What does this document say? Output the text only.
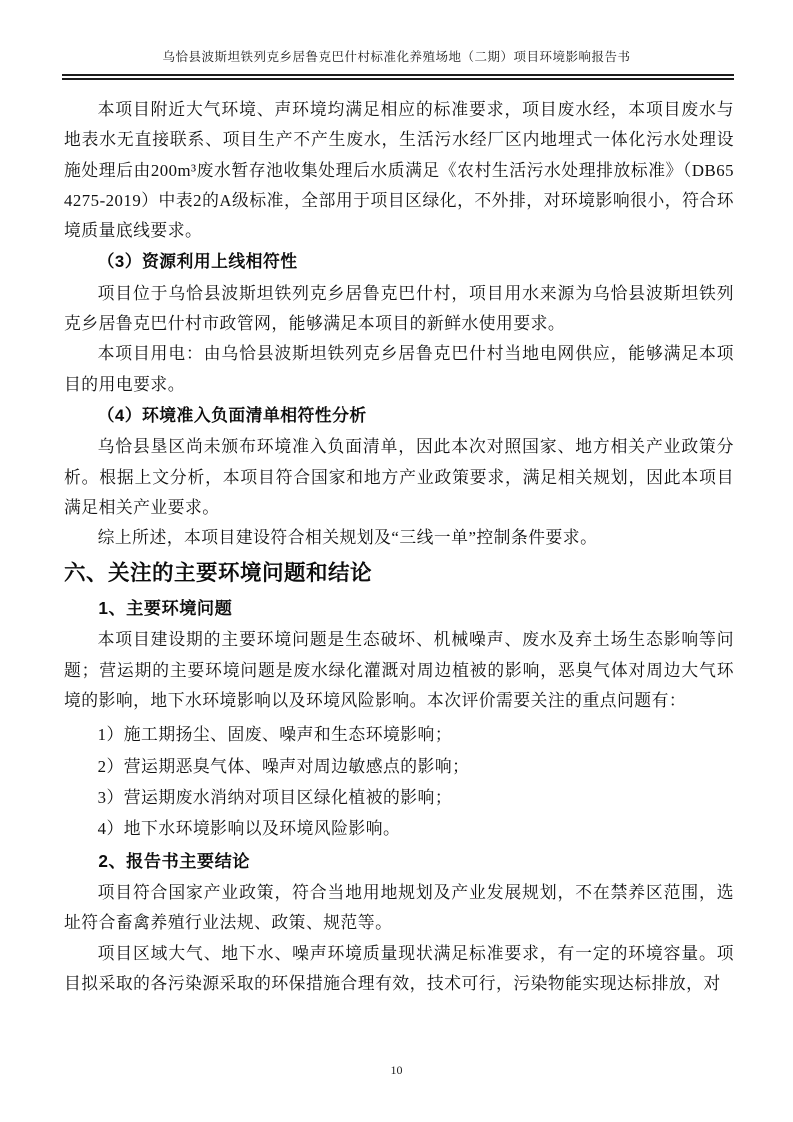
乌恰县波斯坦铁列克乡居鲁克巴什村标准化养殖场地（二期）项目环境影响报告书

本项目附近大气环境、声环境均满足相应的标准要求，项目废水经，本项目废水与地表水无直接联系、项目生产不产生废水，生活污水经厂区内地埋式一体化污水处理设施处理后由200m³废水暂存池收集处理后水质满足《农村生活污水处理排放标准》（DB65 4275-2019）中表2的A级标准，全部用于项目区绿化，不外排，对环境影响很小，符合环境质量底线要求。

（3）资源利用上线相符性

项目位于乌恰县波斯坦铁列克乡居鲁克巴什村，项目用水来源为乌恰县波斯坦铁列克乡居鲁克巴什村市政管网，能够满足本项目的新鲜水使用要求。

本项目用电：由乌恰县波斯坦铁列克乡居鲁克巴什村当地电网供应，能够满足本项目的用电要求。

（4）环境准入负面清单相符性分析

乌恰县垦区尚未颁布环境准入负面清单，因此本次对照国家、地方相关产业政策分析。根据上文分析，本项目符合国家和地方产业政策要求，满足相关规划，因此本项目满足相关产业要求。

综上所述，本项目建设符合相关规划及“三线一单”控制条件要求。

六、关注的主要环境问题和结论

1、主要环境问题

本项目建设期的主要环境问题是生态破坏、机械噪声、废水及弃土场生态影响等问题；营运期的主要环境问题是废水绿化灌溉对周边植被的影响，恶臭气体对周边大气环境的影响，地下水环境影响以及环境风险影响。本次评价需要关注的重点问题有：

1）施工期扬尘、固废、噪声和生态环境影响；

2）营运期恶臭气体、噪声对周边敏感点的影响；

3）营运期废水消纳对项目区绿化植被的影响；

4）地下水环境影响以及环境风险影响。

2、报告书主要结论

项目符合国家产业政策，符合当地用地规划及产业发展规划，不在禁养区范围，选址符合畜禽养殖行业法规、政策、规范等。

项目区域大气、地下水、噪声环境质量现状满足标准要求，有一定的环境容量。项目拟采取的各污染源采取的环保措施合理有效，技术可行，污染物能实现达标排放，对

10
